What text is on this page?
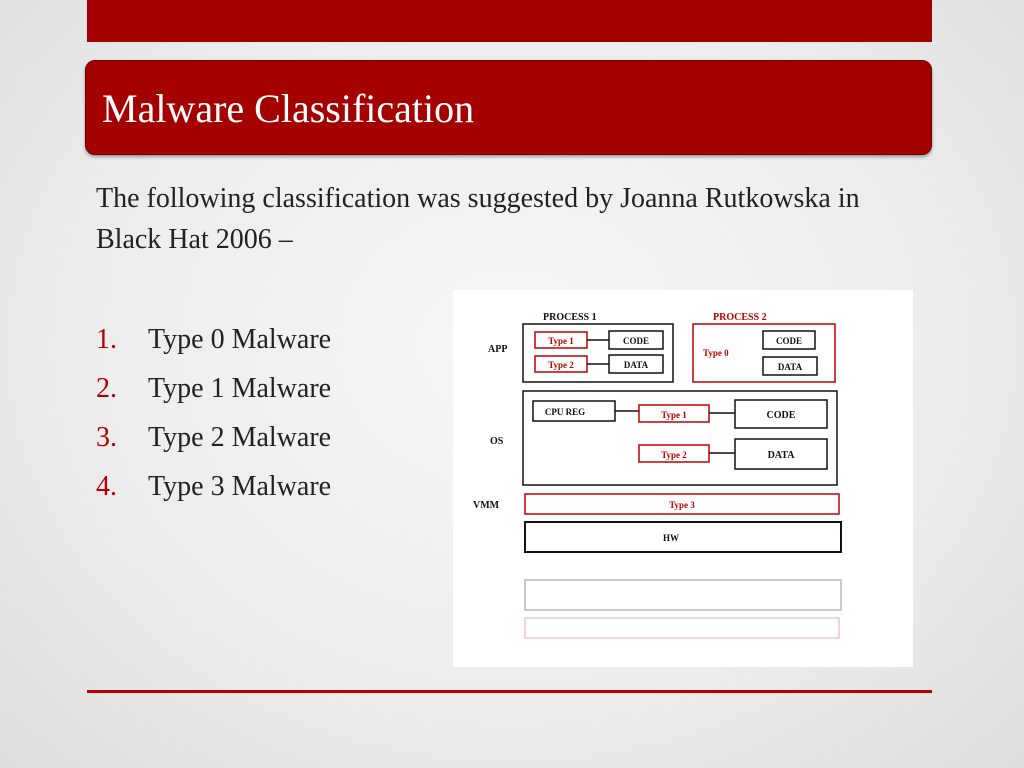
Malware Classification
The following classification was suggested by Joanna Rutkowska in Black Hat 2006 –
1. Type 0 Malware
2. Type 1 Malware
3. Type 2 Malware
4. Type 3 Malware
PROCESS 1	PROCESS 2
APP
OS
VMM
Type 1	CODE
Type 2	DATA
Type 0
CODE
DATA
CPU REG	Type 1	CODE
Type 2	DATA
Type 3
HW
